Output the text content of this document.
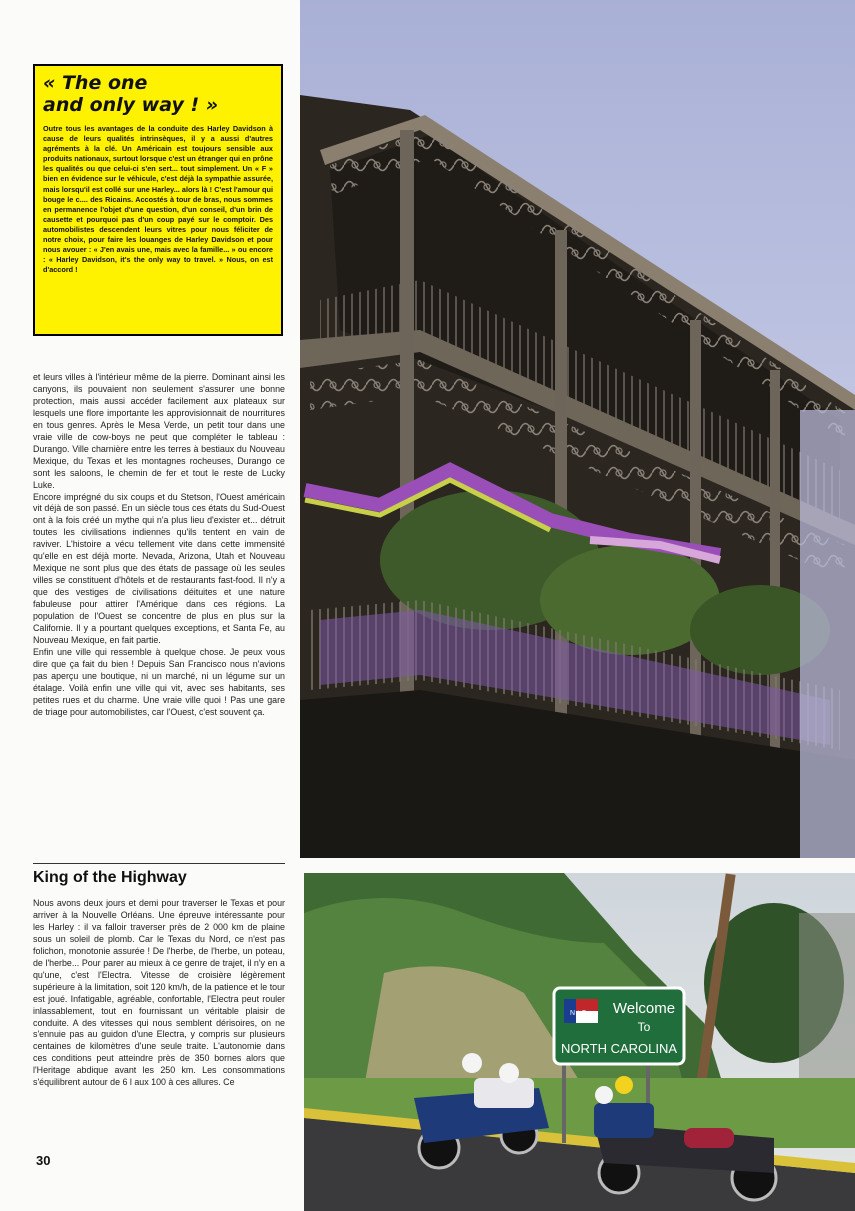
« The one
and only way ! »

Outre tous les avantages de la conduite des Harley Davidson à cause de leurs qualités intrinsèques, il y a aussi d'autres agréments à la clé. Un Américain est toujours sensible aux produits nationaux, surtout lorsque c'est un étranger qui en prône les qualités ou que celui-ci s'en sert... tout simplement. Un « F » bien en évidence sur le véhicule, c'est déjà la sympathie assurée, mais lorsqu'il est collé sur une Harley... alors là ! C'est l'amour qui bouge le c.... des Ricains. Accostés à tour de bras, nous sommes en permanence l'objet d'une question, d'un conseil, d'un brin de causette et pourquoi pas d'un coup payé sur le comptoir. Des automobilistes descendent leurs vitres pour nous féliciter de notre choix, pour faire les louanges de Harley Davidson et pour nous avouer : « J'en avais une, mais avec la famille... » ou encore : « Harley Davidson, it's the only way to travel. » Nous, on est d'accord !

et leurs villes à l'intérieur même de la pierre. Dominant ainsi les canyons, ils pouvaient non seulement s'assurer une bonne protection, mais aussi accéder facilement aux plateaux sur lesquels une flore importante les approvisionnait de nourritures en tous genres. Après le Mesa Verde, un petit tour dans une vraie ville de cow-boys ne peut que compléter le tableau : Durango. Ville charnière entre les terres à bestiaux du Nouveau Mexique, du Texas et les montagnes rocheuses, Durango ce sont les saloons, le chemin de fer et tout le reste de Lucky Luke.

Encore imprégné du six coups et du Stetson, l'Ouest américain vit déjà de son passé. En un siècle tous ces états du Sud-Ouest ont à la fois créé un mythe qui n'a plus lieu d'exister et... détruit toutes les civilisations indiennes qu'ils tentent en vain de raviver. L'histoire a vécu tellement vite dans cette immensité qu'elle en est déjà morte. Nevada, Arizona, Utah et Nouveau Mexique ne sont plus que des états de passage où les seules villes se constituent d'hôtels et de restaurants fast-food. Il n'y a que des vestiges de civilisations déituites et une nature fabuleuse pour attirer l'Amérique dans ces régions. La population de l'Ouest se concentre de plus en plus sur la Californie. Il y a pourtant quelques exceptions, et Santa Fe, au Nouveau Mexique, en fait partie.

Enfin une ville qui ressemble à quelque chose. Je peux vous dire que ça fait du bien ! Depuis San Francisco nous n'avions pas aperçu une boutique, ni un marché, ni un légume sur un étalage. Voilà enfin une ville qui vit, avec ses habitants, ses petites rues et du charme. Une vraie ville quoi ! Pas une gare de triage pour automobilistes, car l'Ouest, c'est souvent ça.

King of the Highway

Nous avons deux jours et demi pour traverser le Texas et pour arriver à la Nouvelle Orléans. Une épreuve intéressante pour les Harley : il va falloir traverser près de 2 000 km de plaine sous un soleil de plomb. Car le Texas du Nord, ce n'est pas folichon, monotonie assurée ! De l'herbe, de l'herbe, un poteau, de l'herbe... Pour parer au mieux à ce genre de trajet, il n'y en a qu'une, c'est l'Electra. Vitesse de croisière légèrement supérieure à la limitation, soit 120 km/h, de la patience et le tour est joué. Infatigable, agréable, confortable, l'Electra peut rouler inlassablement, tout en fournissant un véritable plaisir de conduite. A des vitesses qui nous semblent dérisoires, on ne s'ennuie pas au guidon d'une Electra, y compris sur plusieurs centaines de kilomètres d'une seule traite. L'autonomie dans ces conditions peut atteindre près de 350 bornes alors que l'Heritage abdique avant les 250 km. Les consommations s'équilibrent autour de 6 l aux 100 à ces allures. Ce

30
N★C Welcome
To
NORTH CAROLINA
